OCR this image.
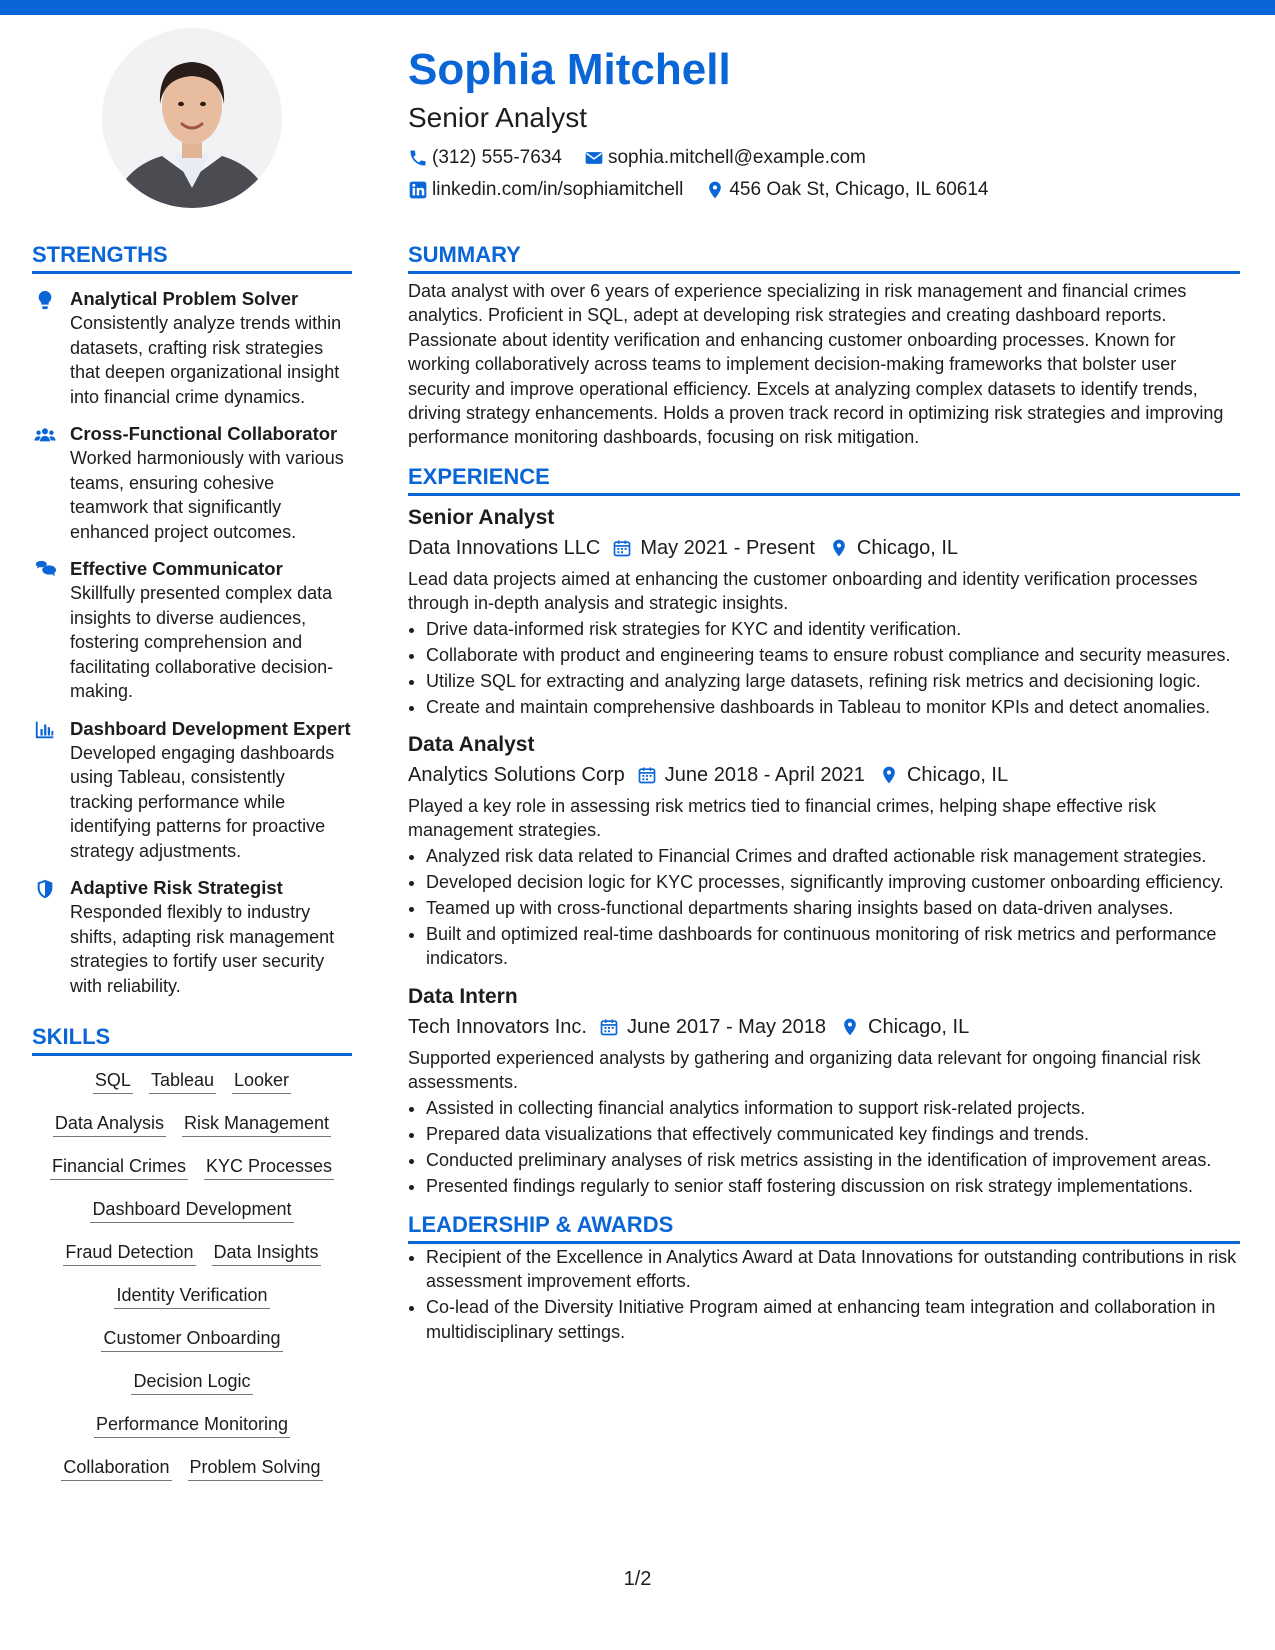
Sophia Mitchell
Senior Analyst
(312) 555-7634 sophia.mitchell@example.com
linkedin.com/in/sophiamitchell 456 Oak St, Chicago, IL 60614
STRENGTHS
Analytical Problem Solver
Consistently analyze trends within datasets, crafting risk strategies that deepen organizational insight into financial crime dynamics.
Cross-Functional Collaborator
Worked harmoniously with various teams, ensuring cohesive teamwork that significantly enhanced project outcomes.
Effective Communicator
Skillfully presented complex data insights to diverse audiences, fostering comprehension and facilitating collaborative decision-making.
Dashboard Development Expert
Developed engaging dashboards using Tableau, consistently tracking performance while identifying patterns for proactive strategy adjustments.
Adaptive Risk Strategist
Responded flexibly to industry shifts, adapting risk management strategies to fortify user security with reliability.
SKILLS
SQL Tableau Looker
Data Analysis Risk Management
Financial Crimes KYC Processes
Dashboard Development
Fraud Detection Data Insights
Identity Verification
Customer Onboarding
Decision Logic
Performance Monitoring
Collaboration Problem Solving
SUMMARY
Data analyst with over 6 years of experience specializing in risk management and financial crimes analytics. Proficient in SQL, adept at developing risk strategies and creating dashboard reports. Passionate about identity verification and enhancing customer onboarding processes. Known for working collaboratively across teams to implement decision-making frameworks that bolster user security and improve operational efficiency. Excels at analyzing complex datasets to identify trends, driving strategy enhancements. Holds a proven track record in optimizing risk strategies and improving performance monitoring dashboards, focusing on risk mitigation.
EXPERIENCE
Senior Analyst
Data Innovations LLC May 2021 - Present Chicago, IL
Lead data projects aimed at enhancing the customer onboarding and identity verification processes through in-depth analysis and strategic insights.
• Drive data-informed risk strategies for KYC and identity verification.
• Collaborate with product and engineering teams to ensure robust compliance and security measures.
• Utilize SQL for extracting and analyzing large datasets, refining risk metrics and decisioning logic.
• Create and maintain comprehensive dashboards in Tableau to monitor KPIs and detect anomalies.
Data Analyst
Analytics Solutions Corp June 2018 - April 2021 Chicago, IL
Played a key role in assessing risk metrics tied to financial crimes, helping shape effective risk management strategies.
• Analyzed risk data related to Financial Crimes and drafted actionable risk management strategies.
• Developed decision logic for KYC processes, significantly improving customer onboarding efficiency.
• Teamed up with cross-functional departments sharing insights based on data-driven analyses.
• Built and optimized real-time dashboards for continuous monitoring of risk metrics and performance indicators.
Data Intern
Tech Innovators Inc. June 2017 - May 2018 Chicago, IL
Supported experienced analysts by gathering and organizing data relevant for ongoing financial risk assessments.
• Assisted in collecting financial analytics information to support risk-related projects.
• Prepared data visualizations that effectively communicated key findings and trends.
• Conducted preliminary analyses of risk metrics assisting in the identification of improvement areas.
• Presented findings regularly to senior staff fostering discussion on risk strategy implementations.
LEADERSHIP & AWARDS
• Recipient of the Excellence in Analytics Award at Data Innovations for outstanding contributions in risk assessment improvement efforts.
• Co-lead of the Diversity Initiative Program aimed at enhancing team integration and collaboration in multidisciplinary settings.
1/2
